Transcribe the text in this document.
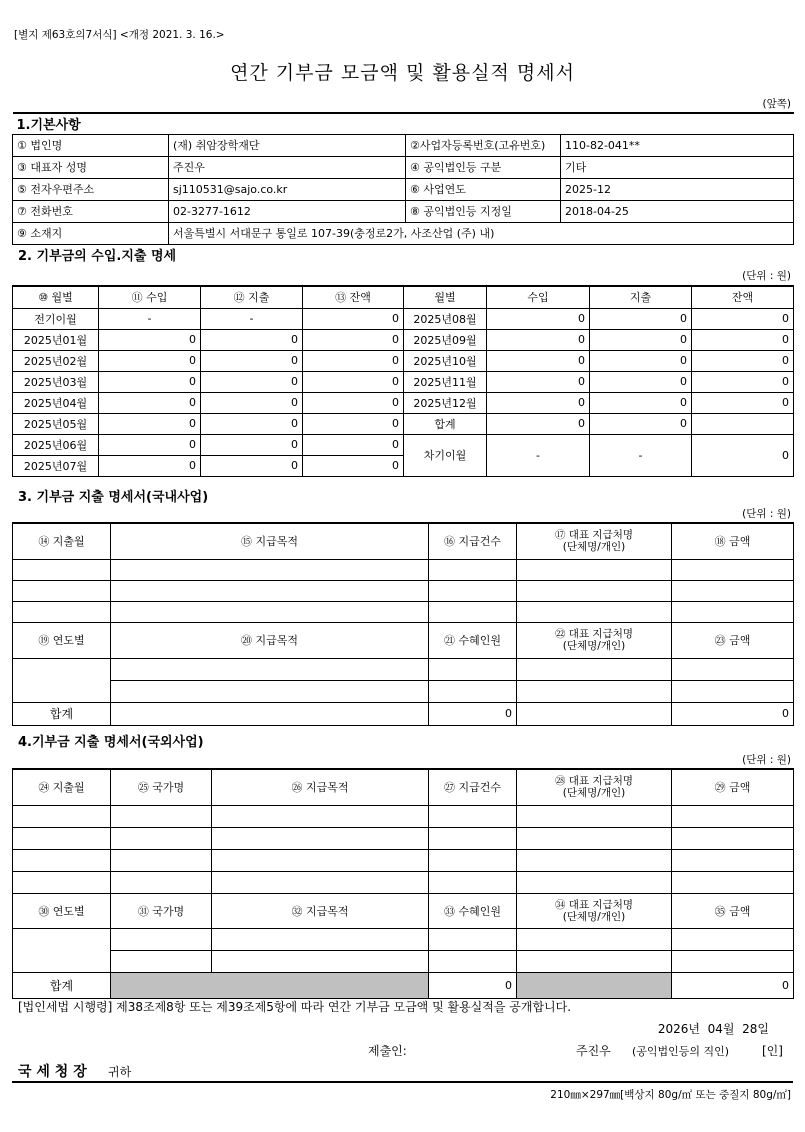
[별지 제63호의7서식] <개정 2021. 3. 16.>
연간 기부금 모금액 및 활용실적 명세서
(앞쪽)
1.기본사항			
① 법인명	(재) 취암장학재단	②사업자등록번호(고유번호)	110-82-041**
③ 대표자 성명	주진우	④ 공익법인등 구분	기타
⑤ 전자우편주소	sj110531@sajo.co.kr	⑥ 사업연도	2025-12
⑦ 전화번호	02-3277-1612	⑧ 공익법인등 지정일	2018-04-25
⑨ 소재지	서울특별시 서대문구 통일로 107-39(충정로2가, 사조산업 (주) 내)		
2. 기부금의 수입.지출 명세
(단위 : 원)
⑩ 월별	⑪ 수입	⑫ 지출	⑬ 잔액	월별	수입	지출	잔액
전기이월	-	-	0	2025년08월	0	0	0
2025년01월	0	0	0	2025년09월	0	0	0
2025년02월	0	0	0	2025년10월	0	0	0
2025년03월	0	0	0	2025년11월	0	0	0
2025년04월	0	0	0	2025년12월	0	0	0
2025년05월	0	0	0	합계	0	0	
2025년06월	0	0	0	차기이월	-	-	0
2025년07월	0	0	0				
3. 기부금 지출 명세서(국내사업)
(단위 : 원)
⑭ 지출월	⑮ 지급목적	⑯ 지급건수	⑰ 대표 지급처명
(단체명/개인)	⑱ 금액

⑲ 연도별	⑳ 지급목적	㉑ 수혜인원	㉒ 대표 지급처명
(단체명/개인)	㉓ 금액

합계		0		0
4.기부금 지출 명세서(국외사업)
(단위 : 원)
㉔ 지출월	㉕ 국가명	㉖ 지급목적	㉗ 지급건수	㉘ 대표 지급처명
(단체명/개인)	㉙ 금액

㉚ 연도별	㉛ 국가명	㉜ 지급목적	㉝ 수혜인원	㉞ 대표 지급처명
(단체명/개인)	㉟ 금액

합계			0		0
[법인세법 시행령] 제38조제8항 또는 제39조제5항에 따라 연간 기부금 모금액 및 활용실적을 공개합니다.
2026년  04월  28일
제출인:	주진우 (공익법인등의 직인)	[인]
국 세 청 장 귀하
210㎜×297㎜[백상지 80g/㎡ 또는 중질지 80g/㎡]
